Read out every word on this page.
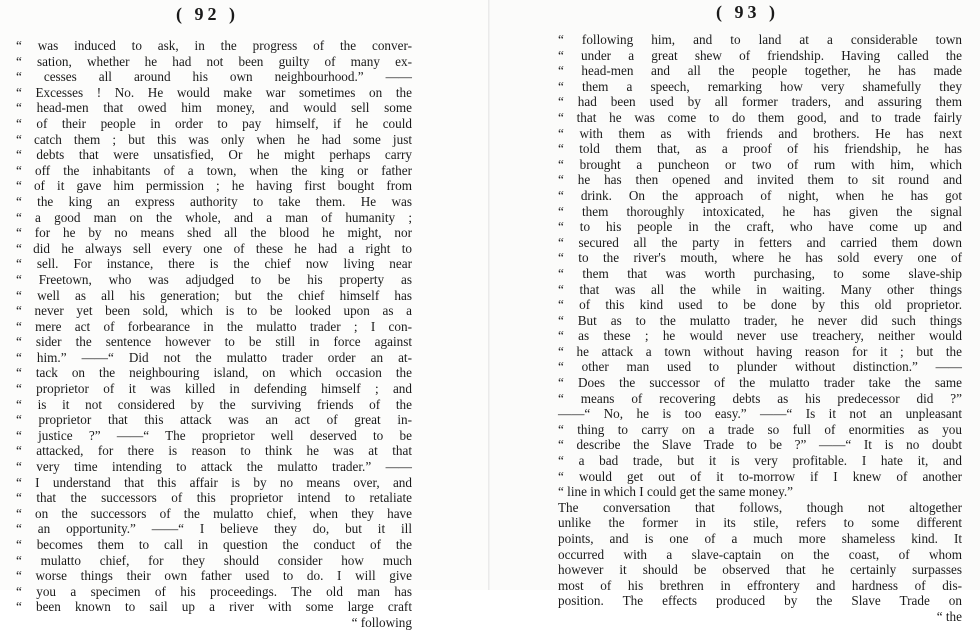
( 92 )
“ was induced to ask, in the progress of the conver-
“ sation, whether he had not been guilty of many ex-
“ cesses all around his own neighbourhood.” ——
“ Excesses ! No. He would make war sometimes on the
“ head-men that owed him money, and would sell some
“ of their people in order to pay himself, if he could
“ catch them ; but this was only when he had some just
“ debts that were unsatisfied, Or he might perhaps carry
“ off the inhabitants of a town, when the king or father
“ of it gave him permission ; he having first bought from
“ the king an express authority to take them. He was
“ a good man on the whole, and a man of humanity ;
“ for he by no means shed all the blood he might, nor
“ did he always sell every one of these he had a right to
“ sell. For instance, there is the chief now living near
“ Freetown, who was adjudged to be his property as
“ well as all his generation; but the chief himself has
“ never yet been sold, which is to be looked upon as a
“ mere act of forbearance in the mulatto trader ; I con-
“ sider the sentence however to be still in force against
“ him.” ——“ Did not the mulatto trader order an at-
“ tack on the neighbouring island, on which occasion the
“ proprietor of it was killed in defending himself ; and
“ is it not considered by the surviving friends of the
“ proprietor that this attack was an act of great in-
“ justice ?” ——“ The proprietor well deserved to be
“ attacked, for there is reason to think he was at that
“ very time intending to attack the mulatto trader.” ——
“ I understand that this affair is by no means over, and
“ that the successors of this proprietor intend to retaliate
“ on the successors of the mulatto chief, when they have
“ an opportunity.” ——“ I believe they do, but it ill
“ becomes them to call in question the conduct of the
“ mulatto chief, for they should consider how much
“ worse things their own father used to do. I will give
“ you a specimen of his proceedings. The old man has
“ been known to sail up a river with some large craft
“ following
( 93 )
“ following him, and to land at a considerable town
“ under a great shew of friendship. Having called the
“ head-men and all the people together, he has made
“ them a speech, remarking how very shamefully they
“ had been used by all former traders, and assuring them
“ that he was come to do them good, and to trade fairly
“ with them as with friends and brothers. He has next
“ told them that, as a proof of his friendship, he has
“ brought a puncheon or two of rum with him, which
“ he has then opened and invited them to sit round and
“ drink. On the approach of night, when he has got
“ them thoroughly intoxicated, he has given the signal
“ to his people in the craft, who have come up and
“ secured all the party in fetters and carried them down
“ to the river's mouth, where he has sold every one of
“ them that was worth purchasing, to some slave-ship
“ that was all the while in waiting. Many other things
“ of this kind used to be done by this old proprietor.
“ But as to the mulatto trader, he never did such things
“ as these ; he would never use treachery, neither would
“ he attack a town without having reason for it ; but the
“ other man used to plunder without distinction.” ——
“ Does the successor of the mulatto trader take the same
“ means of recovering debts as his predecessor did ?”
——“ No, he is too easy.” ——“ Is it not an unpleasant
“ thing to carry on a trade so full of enormities as you
“ describe the Slave Trade to be ?” ——“ It is no doubt
“ a bad trade, but it is very profitable. I hate it, and
“ would get out of it to-morrow if I knew of another
“ line in which I could get the same money.”
The conversation that follows, though not altogether
unlike the former in its stile, refers to some different
points, and is one of a much more shameless kind. It
occurred with a slave-captain on the coast, of whom
however it should be observed that he certainly surpasses
most of his brethren in effrontery and hardness of dis-
position. The effects produced by the Slave Trade on
“ the
